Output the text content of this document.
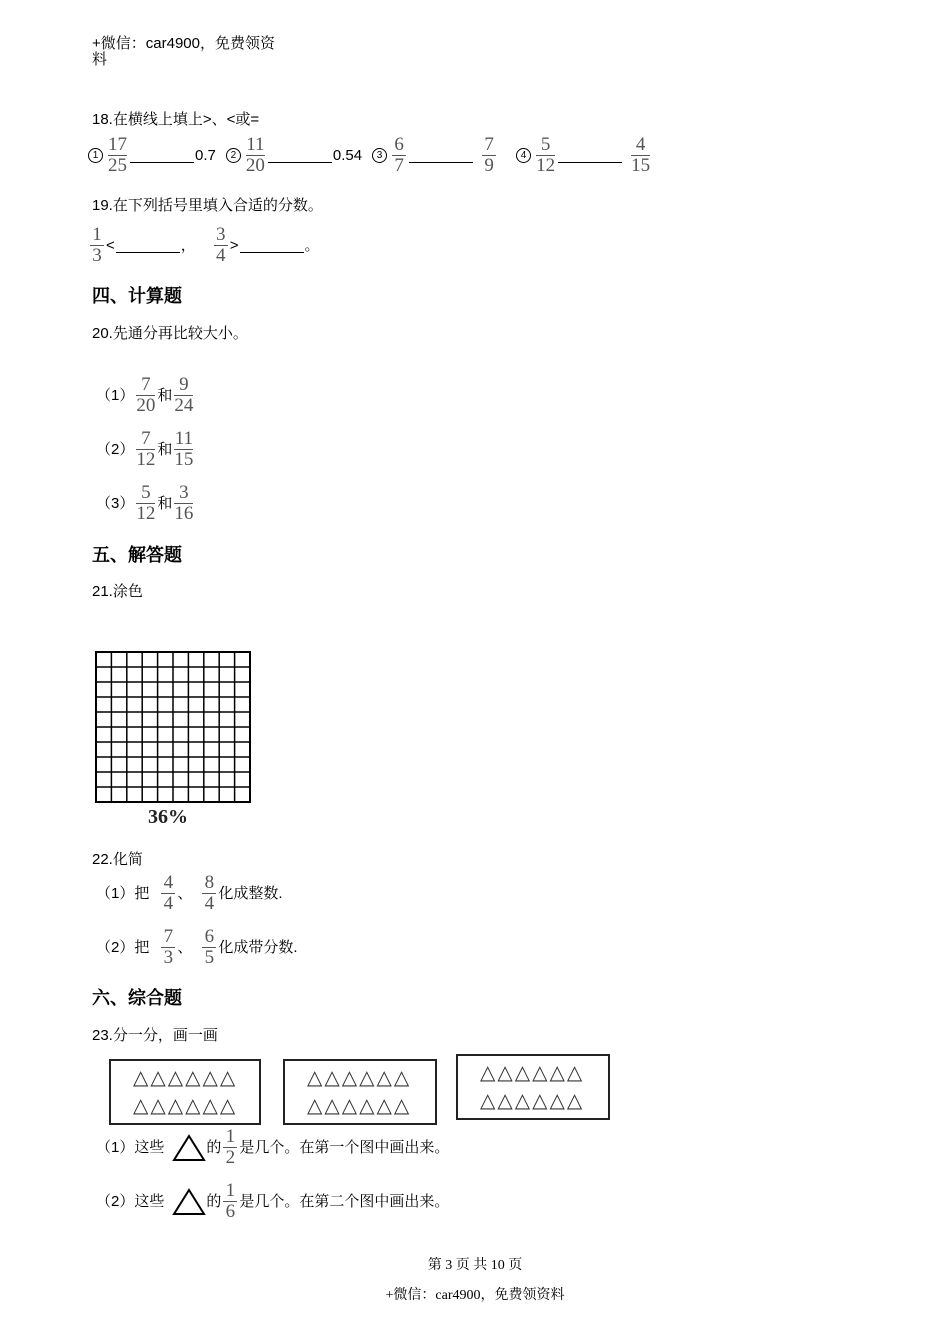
+微信：car4900，免费领资
料
18.在横线上填上>、<或=
$1 \frac{17}{25}$	0.7	$2 \frac{11}{20}$	0.54	$3 \frac{6}{7}$	$\frac{7}{9}$	$4 \frac{5}{12}$	$\frac{4}{15}$
19.在下列括号里填入合适的分数。
$\frac{1}{3}$ <	， $\frac{3}{4}$ >	。
四、计算题
20.先通分再比较大小。
$(1) \frac{7}{20}$ 和 $\frac{9}{24}$
$(2) \frac{7}{12}$ 和 $\frac{11}{15}$
$(3) \frac{5}{12}$ 和 $\frac{3}{16}$
五、解答题
21.涂色
36%
22.化简
（1）把 $\frac{4}{4}$ 、 $\frac{8}{4}$ 化成整数.
（2）把 $\frac{7}{3}$ 、 $\frac{6}{5}$ 化成带分数.
六、综合题
23.分一分，画一画
△△△△△△
△△△△△△
△△△△△△
△△△△△△
△△△△△△
△△△△△△
（1）这些	的 $\frac{1}{2}$ 是几个。在第一个图中画出来。
（2）这些	的 $\frac{1}{6}$ 是几个。在第二个图中画出来。
第 3 页 共 10 页
+微信：car4900，免费领资料
